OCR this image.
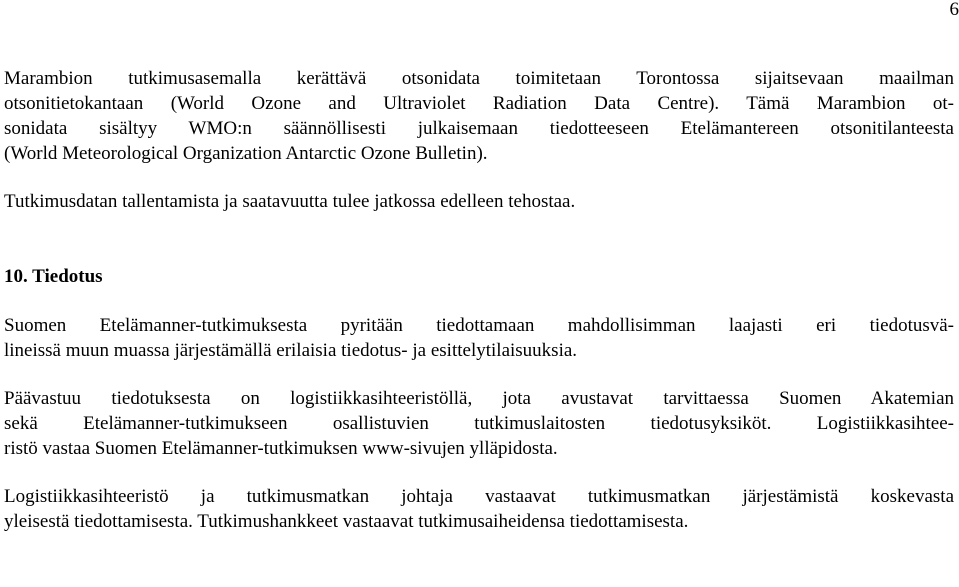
6

Marambion tutkimusasemalla kerättävä otsonidata toimitetaan Torontossa sijaitsevaan maailman
otsonitietokantaan (World Ozone and Ultraviolet Radiation Data Centre). Tämä Marambion ot-
sonidata sisältyy WMO:n säännöllisesti julkaisemaan tiedotteeseen Etelämantereen otsonitilanteesta
(World Meteorological Organization Antarctic Ozone Bulletin).

Tutkimusdatan tallentamista ja saatavuutta tulee jatkossa edelleen tehostaa.

10. Tiedotus

Suomen Etelämanner-tutkimuksesta pyritään tiedottamaan mahdollisimman laajasti eri tiedotusvä-
lineissä muun muassa järjestämällä erilaisia tiedotus- ja esittelytilaisuuksia.

Päävastuu tiedotuksesta on logistiikkasihteeristöllä, jota avustavat tarvittaessa Suomen Akatemian
sekä Etelämanner-tutkimukseen osallistuvien tutkimuslaitosten tiedotusyksiköt. Logistiikkasihtee-
ristö vastaa Suomen Etelämanner-tutkimuksen www-sivujen ylläpidosta.

Logistiikkasihteeristö ja tutkimusmatkan johtaja vastaavat tutkimusmatkan järjestämistä koskevasta
yleisestä tiedottamisesta. Tutkimushankkeet vastaavat tutkimusaiheidensa tiedottamisesta.
